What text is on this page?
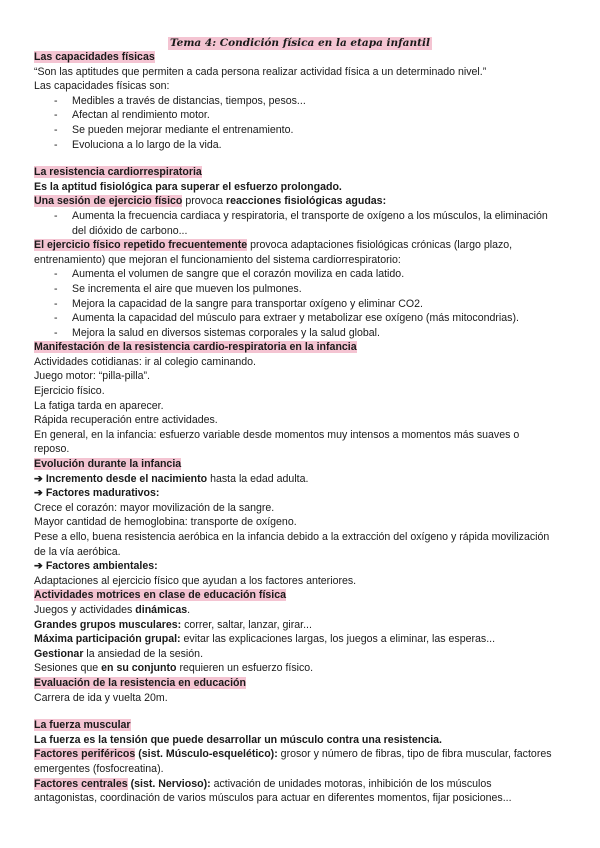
Tema 4: Condición física en la etapa infantil

Las capacidades físicas

“Son las aptitudes que permiten a cada persona realizar actividad física a un determinado nivel.”

Las capacidades físicas son:

- Medibles a través de distancias, tiempos, pesos...
- Afectan al rendimiento motor.
- Se pueden mejorar mediante el entrenamiento.
- Evoluciona a lo largo de la vida.

La resistencia cardiorrespiratoria

Es la aptitud fisiológica para superar el esfuerzo prolongado.

Una sesión de ejercicio físico provoca reacciones fisiológicas agudas:

- Aumenta la frecuencia cardiaca y respiratoria, el transporte de oxígeno a los músculos, la eliminación del dióxido de carbono...

El ejercicio físico repetido frecuentemente provoca adaptaciones fisiológicas crónicas (largo plazo, entrenamiento) que mejoran el funcionamiento del sistema cardiorrespiratorio:

- Aumenta el volumen de sangre que el corazón moviliza en cada latido.
- Se incrementa el aire que mueven los pulmones.
- Mejora la capacidad de la sangre para transportar oxígeno y eliminar CO2.
- Aumenta la capacidad del músculo para extraer y metabolizar ese oxígeno (más mitocondrias).
- Mejora la salud en diversos sistemas corporales y la salud global.

Manifestación de la resistencia cardio-respiratoria en la infancia

Actividades cotidianas: ir al colegio caminando.

Juego motor: “pilla-pilla”.

Ejercicio físico.

La fatiga tarda en aparecer.

Rápida recuperación entre actividades.

En general, en la infancia: esfuerzo variable desde momentos muy intensos a momentos más suaves o reposo.

Evolución durante la infancia

➔ Incremento desde el nacimiento hasta la edad adulta.

➔ Factores madurativos:

Crece el corazón: mayor movilización de la sangre.

Mayor cantidad de hemoglobina: transporte de oxígeno.

Pese a ello, buena resistencia aeróbica en la infancia debido a la extracción del oxígeno y rápida movilización de la vía aeróbica.

➔ Factores ambientales:

Adaptaciones al ejercicio físico que ayudan a los factores anteriores.

Actividades motrices en clase de educación física

Juegos y actividades dinámicas.

Grandes grupos musculares: correr, saltar, lanzar, girar...

Máxima participación grupal: evitar las explicaciones largas, los juegos a eliminar, las esperas...

Gestionar la ansiedad de la sesión.

Sesiones que en su conjunto requieren un esfuerzo físico.

Evaluación de la resistencia en educación

Carrera de ida y vuelta 20m.

La fuerza muscular

La fuerza es la tensión que puede desarrollar un músculo contra una resistencia.

Factores periféricos (sist. Músculo-esquelético): grosor y número de fibras, tipo de fibra muscular, factores emergentes (fosfocreatina).

Factores centrales (sist. Nervioso): activación de unidades motoras, inhibición de los músculos antagonistas, coordinación de varios músculos para actuar en diferentes momentos, fijar posiciones...
